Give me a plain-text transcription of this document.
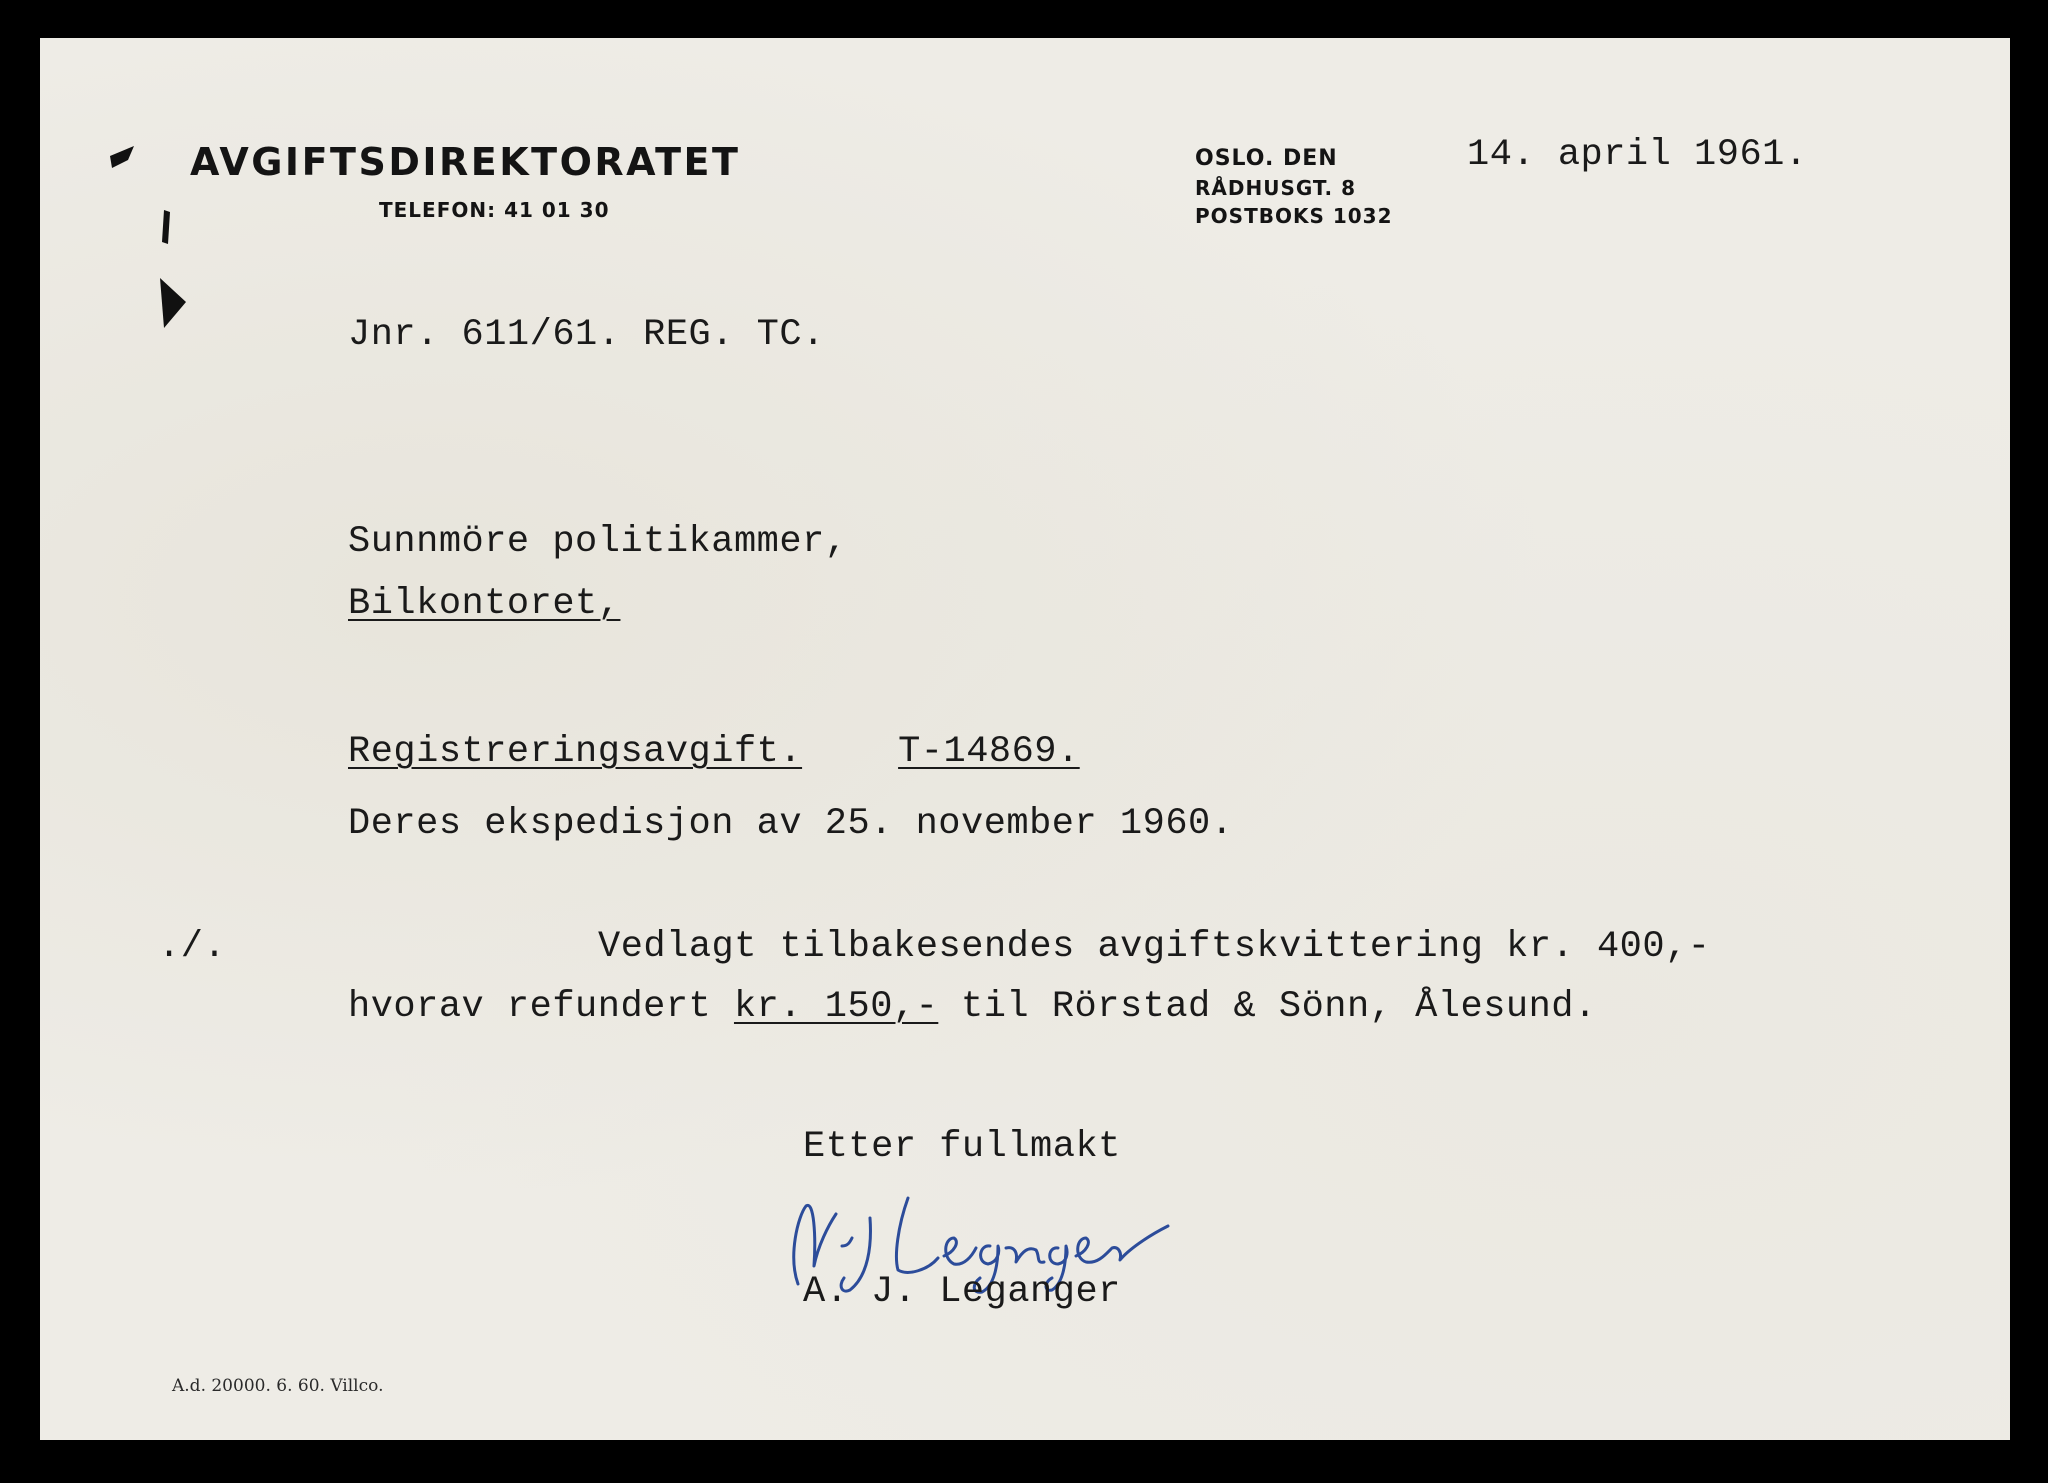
AVGIFTSDIREKTORATET
TELEFON: 41 01 30
OSLO. DEN
RÅDHUSGT. 8
POSTBOKS 1032
14. april 1961.
Jnr. 611/61. REG. TC.
Sunnmöre politikammer,
Bilkontoret,
Registreringsavgift.	T-14869.
Deres ekspedisjon av 25. november 1960.
./.	Vedlagt tilbakesendes avgiftskvittering kr. 400,-
hvorav refundert kr. 150,- til Rörstad & Sönn, Ålesund.
Etter fullmakt
A. J. Leganger
A.d. 20000. 6. 60. Villco.
